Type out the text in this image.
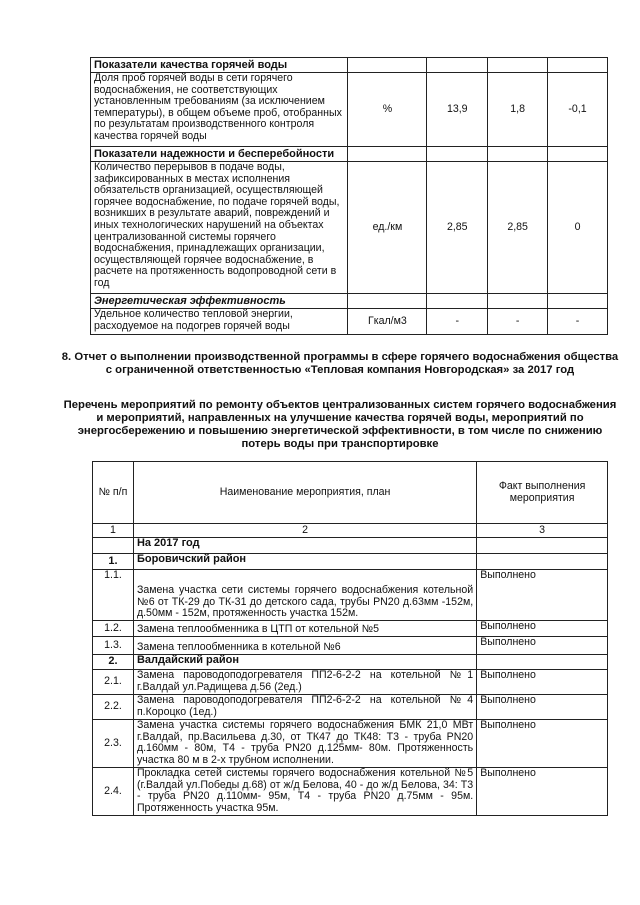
Показатели качества горячей воды				
Доля проб горячей воды в сети горячего водоснабжения, не соответствующих установленным требованиям (за исключением температуры), в общем объеме проб, отобранных по результатам производственного контроля качества горячей воды	%	13,9	1,8	-0,1
Показатели надежности и бесперебойности				
Количество перерывов в подаче воды, зафиксированных в местах исполнения обязательств организацией, осуществляющей горячее водоснабжение, по подаче горячей воды, возникших в результате аварий, повреждений и иных технологических нарушений на объектах централизованной системы горячего водоснабжения, принадлежащих организации, осуществляющей горячее водоснабжение, в расчете на протяженность водопроводной сети в год	ед./км	2,85	2,85	0
Энергетическая эффективность				
Удельное количество тепловой энергии, расходуемое на подогрев горячей воды	Гкал/м3	-	-	-
8. Отчет о выполнении производственной программы в сфере горячего водоснабжения общества с ограниченной ответственностью «Тепловая компания Новгородская» за 2017 год
Перечень мероприятий по ремонту объектов централизованных систем горячего водоснабжения и мероприятий, направленных на улучшение качества горячей воды, мероприятий по энергосбережению и повышению энергетической эффективности, в том числе по снижению потерь воды при транспортировке
№ п/п	Наименование мероприятия, план	Факт выполнения мероприятия
1	2	3
	На 2017 год	
1.	Боровичский район	
1.1.	Замена участка сети системы горячего водоснабжения котельной №6 от ТК-29 до ТК-31 до детского сада, трубы PN20 д.63мм -152м, д.50мм - 152м, протяженность участка 152м.	Выполнено
1.2.	Замена теплообменника в ЦТП от котельной №5	Выполнено
1.3.	Замена теплообменника в котельной №6	Выполнено
2.	Валдайский район	
2.1.	Замена пароводоподогревателя ПП2-6-2-2 на котельной №1 г.Валдай ул.Радищева д.56 (2ед.)	Выполнено
2.2.	Замена пароводоподогревателя ПП2-6-2-2 на котельной №4 п.Короцко (1ед.)	Выполнено
2.3.	Замена участка системы горячего водоснабжения БМК 21,0 МВт г.Валдай, пр.Васильева д.30, от ТК47 до ТК48: Т3 - труба PN20 д.160мм - 80м, Т4 - труба PN20 д.125мм- 80м. Протяженность участка 80 м в 2-х трубном исполнении.	Выполнено
2.4.	Прокладка сетей системы горячего водоснабжения котельной №5 (г.Валдай ул.Победы д.68) от ж/д Белова, 40 - до ж/д Белова, 34: Т3 - труба PN20 д.110мм- 95м, Т4 - труба PN20 д.75мм - 95м. Протяженность участка 95м.	Выполнено
